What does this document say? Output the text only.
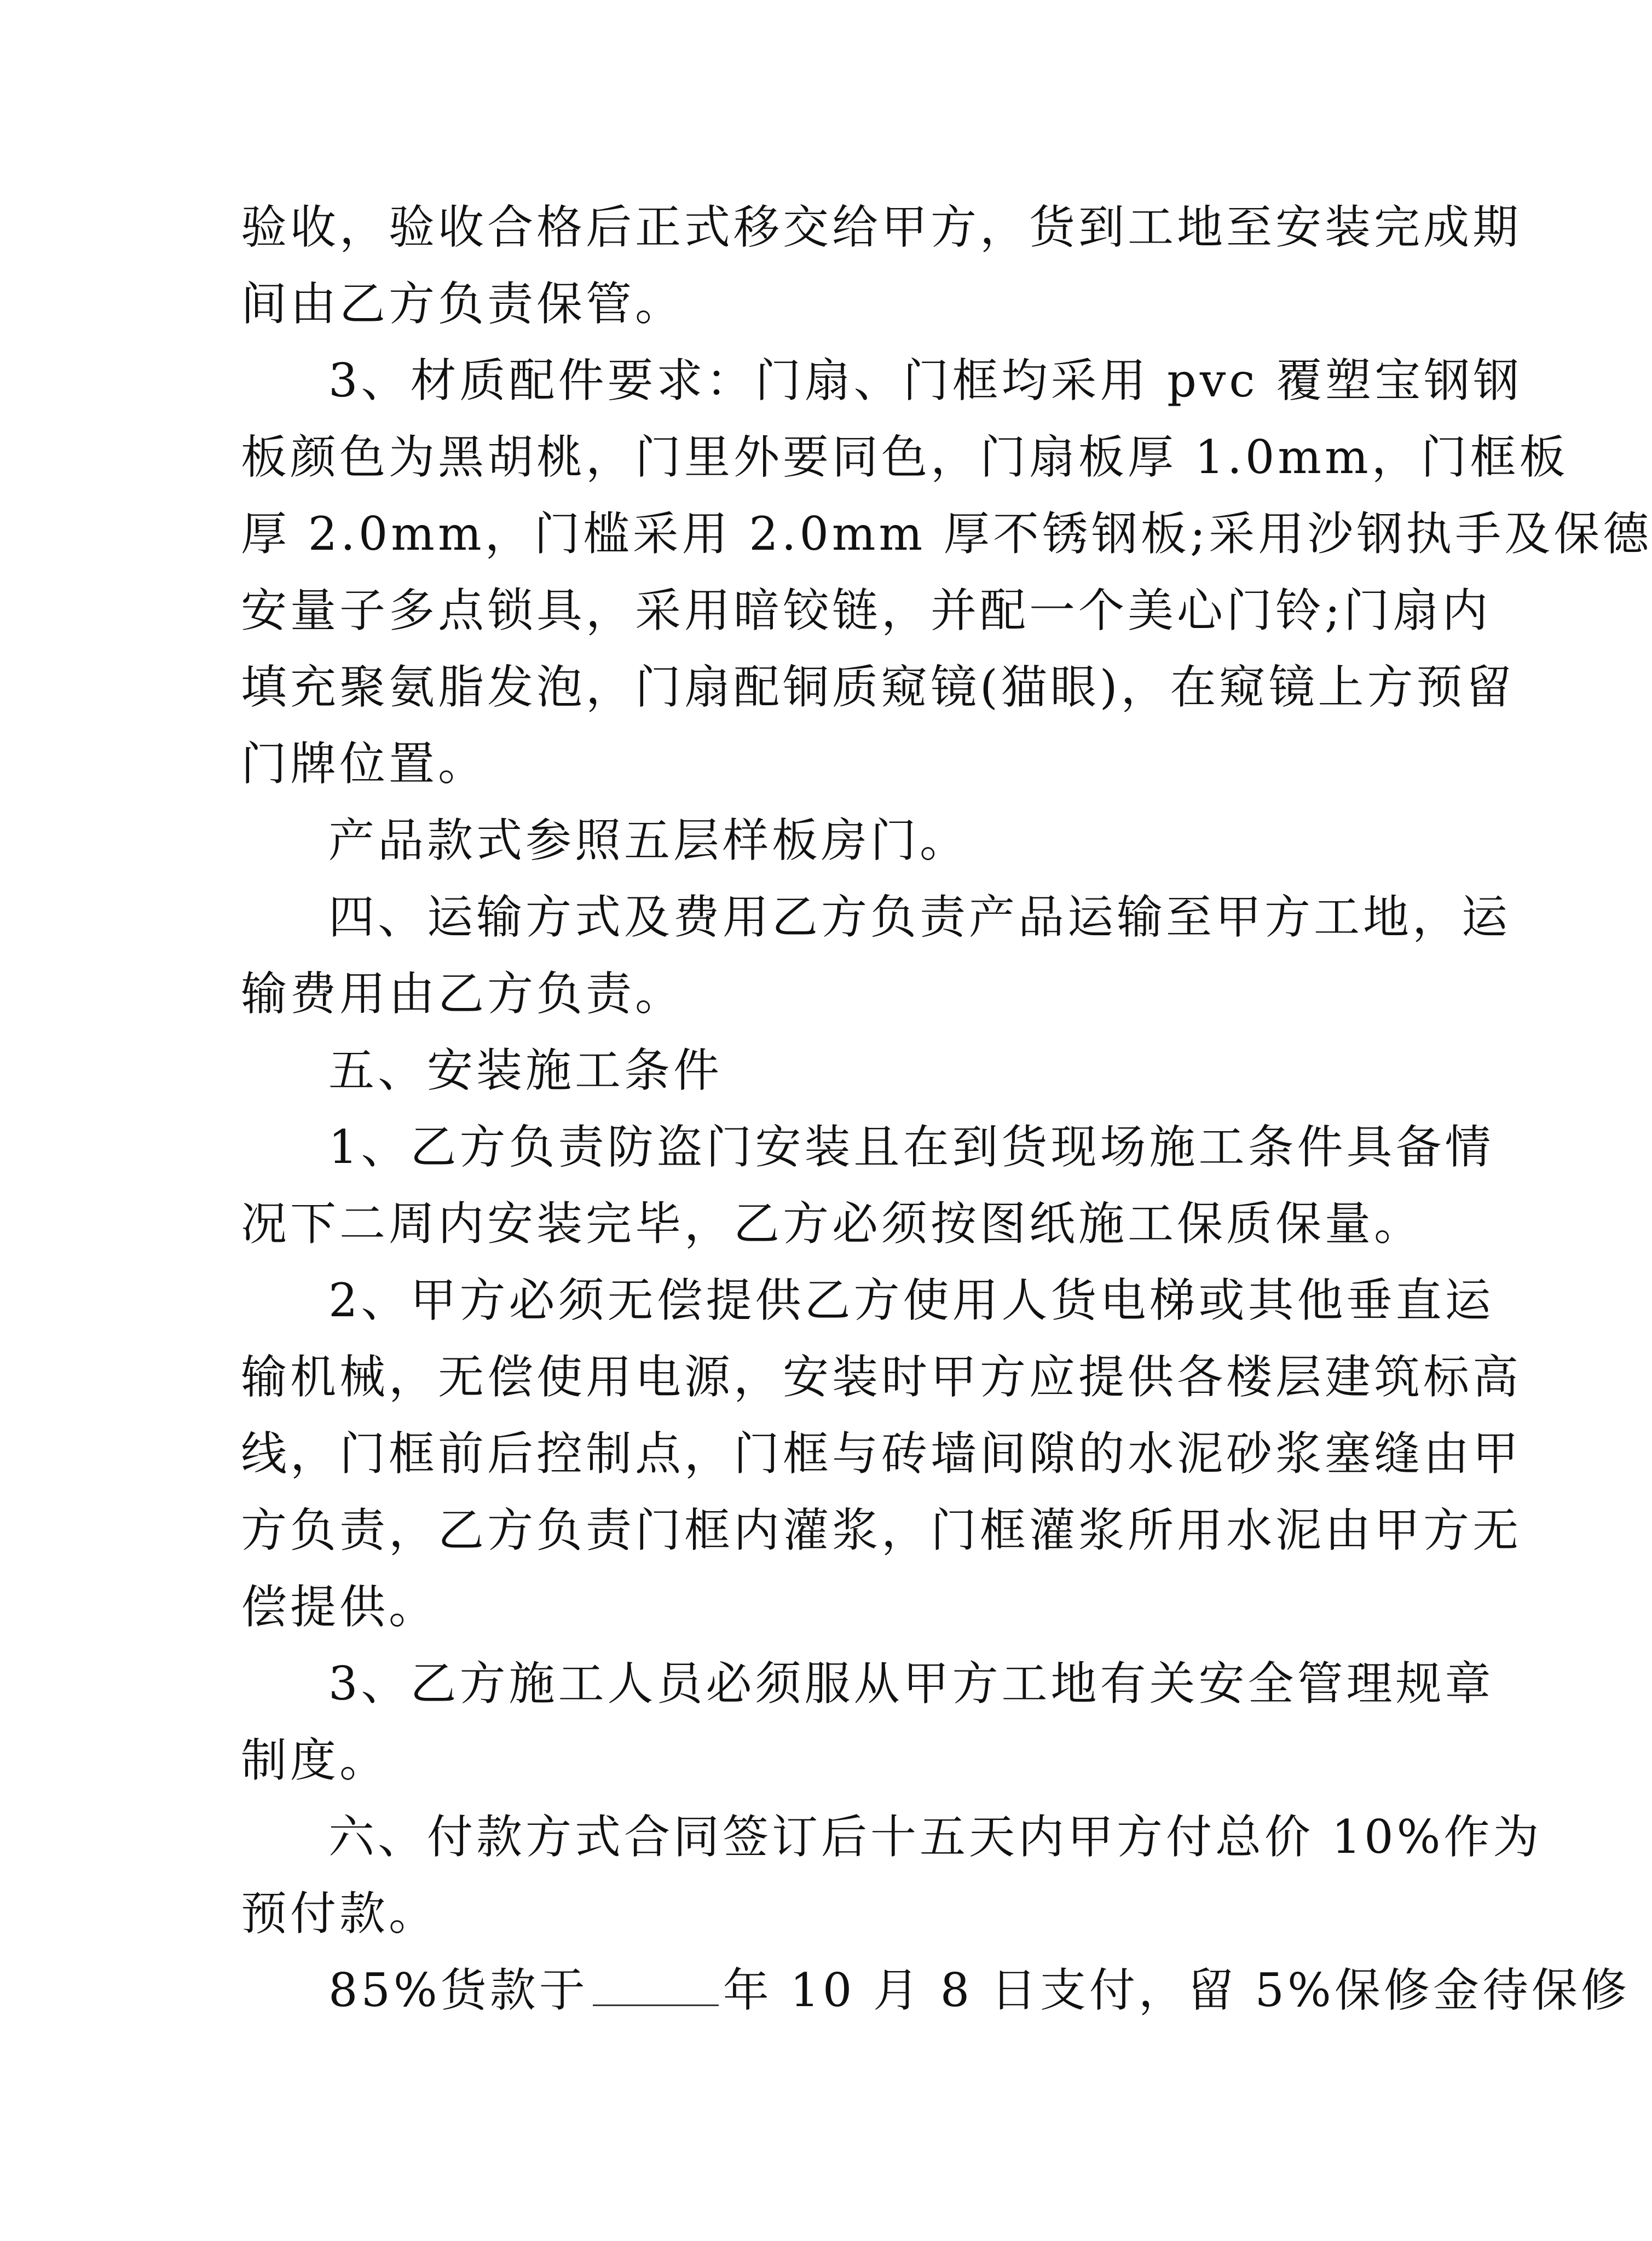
验收，验收合格后正式移交给甲方，货到工地至安装完成期
间由乙方负责保管。
3、材质配件要求：门扇、门框均采用 pvc 覆塑宝钢钢
板颜色为黑胡桃，门里外要同色，门扇板厚 1.0mm，门框板
厚 2.0mm，门槛采用 2.0mm 厚不锈钢板;采用沙钢执手及保德
安量子多点锁具，采用暗铰链，并配一个美心门铃;门扇内
填充聚氨脂发泡，门扇配铜质窥镜(猫眼)，在窥镜上方预留
门牌位置。
产品款式参照五层样板房门。
四、运输方式及费用乙方负责产品运输至甲方工地，运
输费用由乙方负责。
五、安装施工条件
1、乙方负责防盗门安装且在到货现场施工条件具备情
况下二周内安装完毕，乙方必须按图纸施工保质保量。
2、甲方必须无偿提供乙方使用人货电梯或其他垂直运
输机械，无偿使用电源，安装时甲方应提供各楼层建筑标高
线，门框前后控制点，门框与砖墙间隙的水泥砂浆塞缝由甲
方负责，乙方负责门框内灌浆，门框灌浆所用水泥由甲方无
偿提供。
3、乙方施工人员必须服从甲方工地有关安全管理规章
制度。
六、付款方式合同签订后十五天内甲方付总价 10%作为
预付款。
85%货款于	年 10 月 8 日支付，留 5%保修金待保修
